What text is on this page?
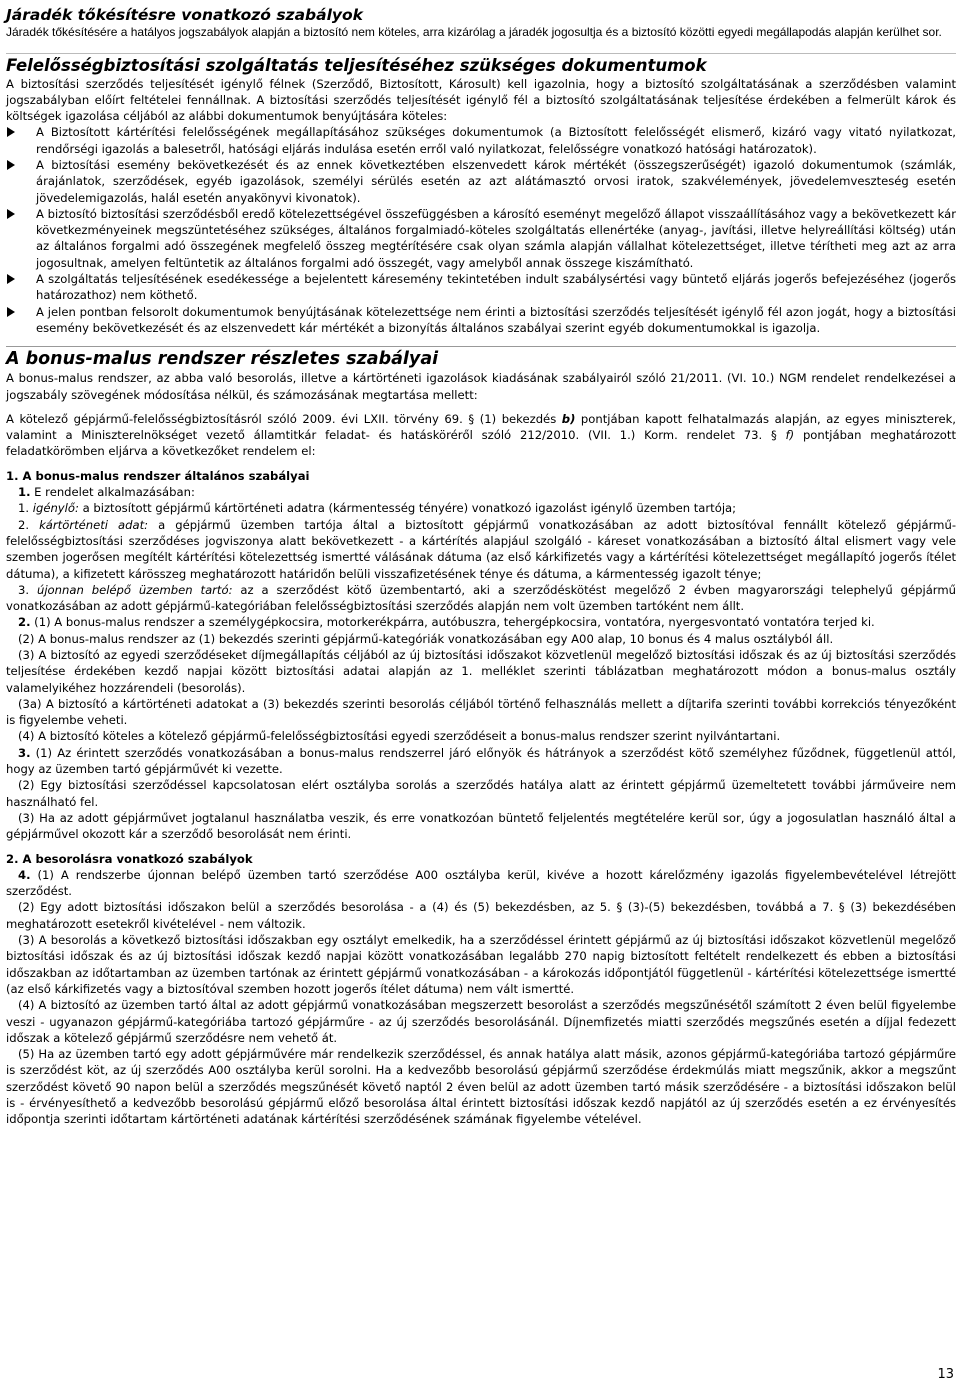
Járadék tőkésítésre vonatkozó szabályok

Járadék tőkésítésére a hatályos jogszabályok alapján a biztosító nem köteles, arra kizárólag a járadék jogosultja és a biztosító közötti egyedi megállapodás alapján kerülhet sor.

Felelősségbiztosítási szolgáltatás teljesítéséhez szükséges dokumentumok

A biztosítási szerződés teljesítését igénylő félnek (Szerződő, Biztosított, Károsult) kell igazolnia, hogy a biztosító szolgáltatásának a szerződésben valamint jogszabályban előírt feltételei fennállnak. A biztosítási szerződés teljesítését igénylő fél a biztosító szolgáltatásának teljesítése érdekében a felmerült károk és költségek igazolása céljából az alábbi dokumentumok benyújtására köteles:

A Biztosított kártérítési felelősségének megállapításához szükséges dokumentumok (a Biztosított felelősségét elismerő, kizáró vagy vitató nyilatkozat, rendőrségi igazolás a balesetről, hatósági eljárás indulása esetén erről való nyilatkozat, felelősségre vonatkozó hatósági határozatok).
A biztosítási esemény bekövetkezését és az ennek következtében elszenvedett károk mértékét (összegszerűségét) igazoló dokumentumok (számlák, árajánlatok, szerződések, egyéb igazolások, személyi sérülés esetén az azt alátámasztó orvosi iratok, szakvélemények, jövedelemveszteség esetén jövedelemigazolás, halál esetén anyakönyvi kivonatok).
A biztosító biztosítási szerződésből eredő kötelezettségével összefüggésben a károsító eseményt megelőző állapot visszaállításához vagy a bekövetkezett kár következményeinek megszüntetéséhez szükséges, általános forgalmiadó-köteles szolgáltatás ellenértéke (anyag-, javítási, illetve helyreállítási költség) után az általános forgalmi adó összegének megfelelő összeg megtérítésére csak olyan számla alapján vállalhat kötelezettséget, illetve térítheti meg azt az arra jogosultnak, amelyen feltüntetik az általános forgalmi adó összegét, vagy amelyből annak összege kiszámítható.
A szolgáltatás teljesítésének esedékessége a bejelentett káresemény tekintetében indult szabálysértési vagy büntető eljárás jogerős befejezéséhez (jogerős határozathoz) nem köthető.
A jelen pontban felsorolt dokumentumok benyújtásának kötelezettsége nem érinti a biztosítási szerződés teljesítését igénylő fél azon jogát, hogy a biztosítási esemény bekövetkezését és az elszenvedett kár mértékét a bizonyítás általános szabályai szerint egyéb dokumentumokkal is igazolja.
A bonus-malus rendszer részletes szabályai

A bonus-malus rendszer, az abba való besorolás, illetve a kártörténeti igazolások kiadásának szabályairól szóló 21/2011. (VI. 10.) NGM rendelet rendelkezései a jogszabály szövegének módosítása nélkül, és számozásának megtartása mellett:

A kötelező gépjármű-felelősségbiztosításról szóló 2009. évi LXII. törvény 69. § (1) bekezdés b) pontjában kapott felhatalmazás alapján, az egyes miniszterek, valamint a Miniszterelnökséget vezető államtitkár feladat- és hatásköréről szóló 212/2010. (VII. 1.) Korm. rendelet 73. § f) pontjában meghatározott feladatkörömben eljárva a következőket rendelem el:

1. A bonus-malus rendszer általános szabályai

1. E rendelet alkalmazásában:

1. igénylő: a biztosított gépjármű kártörténeti adatra (kármentesség tényére) vonatkozó igazolást igénylő üzemben tartója;

2. kártörténeti adat: a gépjármű üzemben tartója által a biztosított gépjármű vonatkozásában az adott biztosítóval fennállt kötelező gépjármű-felelősségbiztosítási szerződéses jogviszonya alatt bekövetkezett - a kártérítés alapjául szolgáló - káreset vonatkozásában a biztosító által elismert vagy vele szemben jogerősen megítélt kártérítési kötelezettség ismertté válásának dátuma (az első kárkifizetés vagy a kártérítési kötelezettséget megállapító jogerős ítélet dátuma), a kifizetett kárösszeg meghatározott határidőn belüli visszafizetésének ténye és dátuma, a kármentesség igazolt ténye;

3. újonnan belépő üzemben tartó: az a szerződést kötő üzembentartó, aki a szerződéskötést megelőző 2 évben magyarországi telephelyű gépjármű vonatkozásában az adott gépjármű-kategóriában felelősségbiztosítási szerződés alapján nem volt üzemben tartóként nem állt.

2. (1) A bonus-malus rendszer a személygépkocsira, motorkerékpárra, autóbuszra, tehergépkocsira, vontatóra, nyergesvontató vontatóra terjed ki.

(2) A bonus-malus rendszer az (1) bekezdés szerinti gépjármű-kategóriák vonatkozásában egy A00 alap, 10 bonus és 4 malus osztályból áll.

(3) A biztosító az egyedi szerződéseket díjmegállapítás céljából az új biztosítási időszakot közvetlenül megelőző biztosítási időszak és az új biztosítási szerződés teljesítése érdekében kezdő napjai között biztosítási adatai alapján az 1. melléklet szerinti táblázatban meghatározott módon a bonus-malus osztály valamelyikéhez hozzárendeli (besorolás).

(3a) A biztosító a kártörténeti adatokat a (3) bekezdés szerinti besorolás céljából történő felhasználás mellett a díjtarifa szerinti további korrekciós tényezőként is figyelembe veheti.

(4) A biztosító köteles a kötelező gépjármű-felelősségbiztosítási egyedi szerződéseit a bonus-malus rendszer szerint nyilvántartani.

3. (1) Az érintett szerződés vonatkozásában a bonus-malus rendszerrel járó előnyök és hátrányok a szerződést kötő személyhez fűződnek, függetlenül attól, hogy az üzemben tartó gépjárművét ki vezette.

(2) Egy biztosítási szerződéssel kapcsolatosan elért osztályba sorolás a szerződés hatálya alatt az érintett gépjármű üzemeltetett további járműveire nem használható fel.

(3) Ha az adott gépjárművet jogtalanul használatba veszik, és erre vonatkozóan büntető feljelentés megtételére kerül sor, úgy a jogosulatlan használó által a gépjárművel okozott kár a szerződő besorolását nem érinti.

2. A besorolásra vonatkozó szabályok

4. (1) A rendszerbe újonnan belépő üzemben tartó szerződése A00 osztályba kerül, kivéve a hozott kárelőzmény igazolás figyelembevételével létrejött szerződést.

(2) Egy adott biztosítási időszakon belül a szerződés besorolása - a (4) és (5) bekezdésben, az 5. § (3)-(5) bekezdésben, továbbá a 7. § (3) bekezdésében meghatározott esetekről kivételével - nem változik.

(3) A besorolás a következő biztosítási időszakban egy osztályt emelkedik, ha a szerződéssel érintett gépjármű az új biztosítási időszakot közvetlenül megelőző biztosítási időszak és az új biztosítási időszak kezdő napjai között vonatkozásában legalább 270 napig biztosított feltételt rendelkezett és ebben a biztosítási időszakban az időtartamban az üzemben tartónak az érintett gépjármű vonatkozásában - a károkozás időpontjától függetlenül - kártérítési kötelezettsége ismertté (az első kárkifizetés vagy a biztosítóval szemben hozott jogerős ítélet dátuma) nem vált ismertté.

(4) A biztosító az üzemben tartó által az adott gépjármű vonatkozásában megszerzett besorolást a szerződés megszűnésétől számított 2 éven belül figyelembe veszi - ugyanazon gépjármű-kategóriába tartozó gépjárműre - az új szerződés besorolásánál. Díjnemfizetés miatti szerződés megszűnés esetén a díjjal fedezett időszak a kötelező gépjármű szerződésre nem vehető át.

(5) Ha az üzemben tartó egy adott gépjárművére már rendelkezik szerződéssel, és annak hatálya alatt másik, azonos gépjármű-kategóriába tartozó gépjárműre is szerződést köt, az új szerződés A00 osztályba kerül sorolni. Ha a kedvezőbb besorolású gépjármű szerződése érdekmúlás miatt megszűnik, akkor a megszűnt szerződést követő 90 napon belül a szerződés megszűnését követő naptól 2 éven belül az adott üzemben tartó másik szerződésére - a biztosítási időszakon belül is - érvényesíthető a kedvezőbb besorolású gépjármű előző besorolása által érintett biztosítási időszak kezdő napjától az új szerződés esetén a ez érvényesítés időpontja szerinti időtartam kártörténeti adatának kártérítési szerződésének számának figyelembe vételével.

13
